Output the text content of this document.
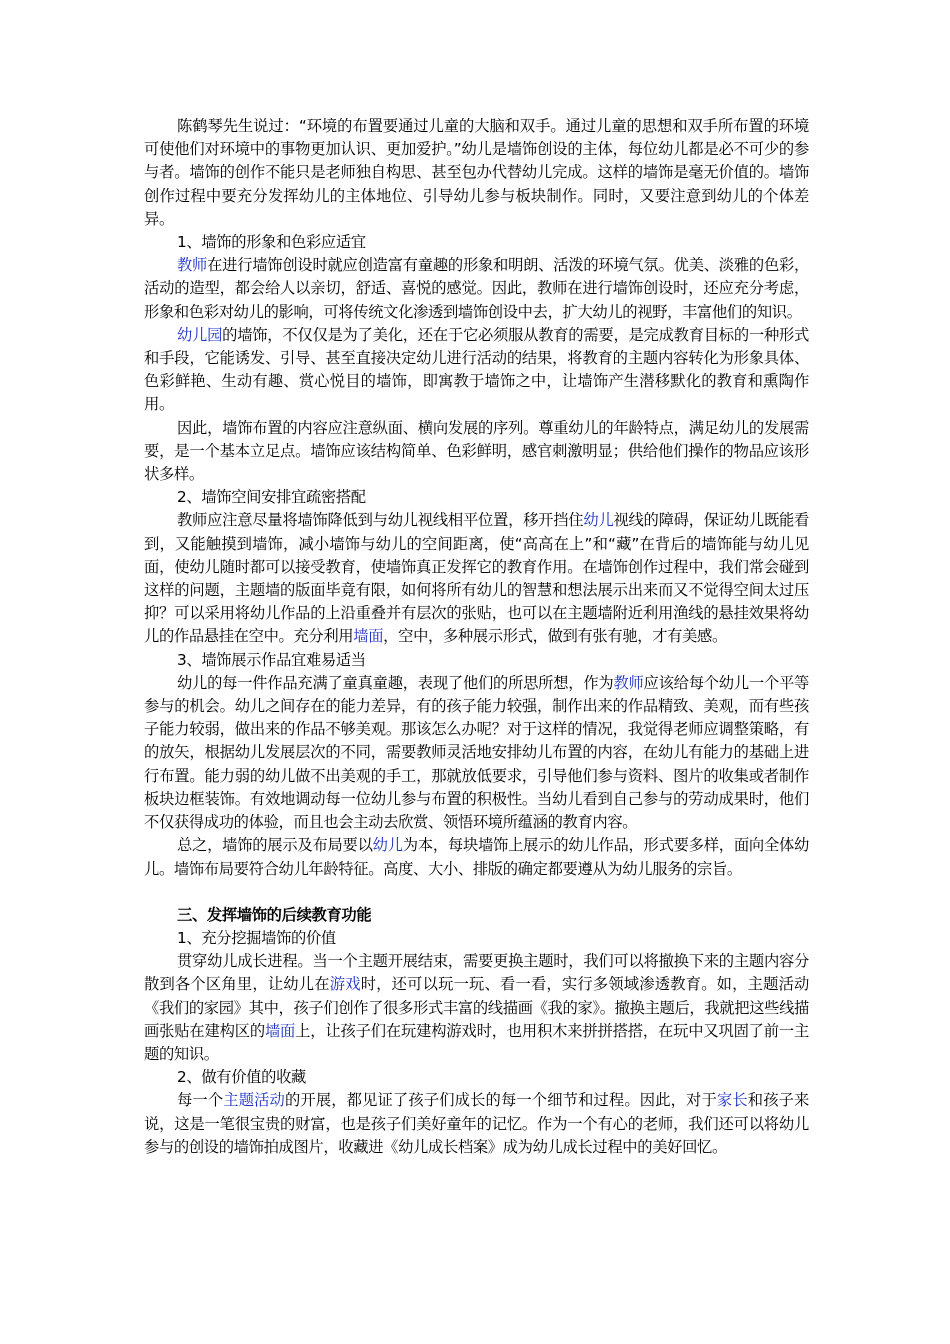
陈鹤琴先生说过：“环境的布置要通过儿童的大脑和双手。通过儿童的思想和双手所布置的环境可使他们对环境中的事物更加认识、更加爱护。”幼儿是墙饰创设的主体，每位幼儿都是必不可少的参与者。墙饰的创作不能只是老师独自构思、甚至包办代替幼儿完成。这样的墙饰是毫无价值的。墙饰创作过程中要充分发挥幼儿的主体地位、引导幼儿参与板块制作。同时，又要注意到幼儿的个体差异。

1、墙饰的形象和色彩应适宜

教师在进行墙饰创设时就应创造富有童趣的形象和明朗、活泼的环境气氛。优美、淡雅的色彩，活动的造型，都会给人以亲切，舒适、喜悦的感觉。因此，教师在进行墙饰创设时，还应充分考虑，形象和色彩对幼儿的影响，可将传统文化渗透到墙饰创设中去，扩大幼儿的视野，丰富他们的知识。

幼儿园的墙饰，不仅仅是为了美化，还在于它必须服从教育的需要，是完成教育目标的一种形式和手段，它能诱发、引导、甚至直接决定幼儿进行活动的结果，将教育的主题内容转化为形象具体、色彩鲜艳、生动有趣、赏心悦目的墙饰，即寓教于墙饰之中，让墙饰产生潜移默化的教育和熏陶作用。

因此，墙饰布置的内容应注意纵面、横向发展的序列。尊重幼儿的年龄特点，满足幼儿的发展需要，是一个基本立足点。墙饰应该结构简单、色彩鲜明，感官刺激明显；供给他们操作的物品应该形状多样。

2、墙饰空间安排宜疏密搭配

教师应注意尽量将墙饰降低到与幼儿视线相平位置，移开挡住幼儿视线的障碍，保证幼儿既能看到，又能触摸到墙饰，减小墙饰与幼儿的空间距离，使“高高在上”和“藏”在背后的墙饰能与幼儿见面，使幼儿随时都可以接受教育，使墙饰真正发挥它的教育作用。在墙饰创作过程中，我们常会碰到这样的问题，主题墙的版面毕竟有限，如何将所有幼儿的智慧和想法展示出来而又不觉得空间太过压抑？可以采用将幼儿作品的上沿重叠并有层次的张贴，也可以在主题墙附近利用渔线的悬挂效果将幼儿的作品悬挂在空中。充分利用墙面，空中，多种展示形式，做到有张有驰，才有美感。

3、墙饰展示作品宜难易适当

幼儿的每一件作品充满了童真童趣，表现了他们的所思所想，作为教师应该给每个幼儿一个平等参与的机会。幼儿之间存在的能力差异，有的孩子能力较强，制作出来的作品精致、美观，而有些孩子能力较弱，做出来的作品不够美观。那该怎么办呢？对于这样的情况，我觉得老师应调整策略，有的放矢，根据幼儿发展层次的不同，需要教师灵活地安排幼儿布置的内容，在幼儿有能力的基础上进行布置。能力弱的幼儿做不出美观的手工，那就放低要求，引导他们参与资料、图片的收集或者制作板块边框装饰。有效地调动每一位幼儿参与布置的积极性。当幼儿看到自己参与的劳动成果时，他们不仅获得成功的体验，而且也会主动去欣赏、领悟环境所蕴涵的教育内容。

总之，墙饰的展示及布局要以幼儿为本，每块墙饰上展示的幼儿作品，形式要多样，面向全体幼儿。墙饰布局要符合幼儿年龄特征。高度、大小、排版的确定都要遵从为幼儿服务的宗旨。

三、发挥墙饰的后续教育功能

1、充分挖掘墙饰的价值

贯穿幼儿成长进程。当一个主题开展结束，需要更换主题时，我们可以将撤换下来的主题内容分散到各个区角里，让幼儿在游戏时，还可以玩一玩、看一看，实行多领域渗透教育。如，主题活动《我们的家园》其中，孩子们创作了很多形式丰富的线描画《我的家》。撤换主题后，我就把这些线描画张贴在建构区的墙面上，让孩子们在玩建构游戏时，也用积木来拼拼搭搭，在玩中又巩固了前一主题的知识。

2、做有价值的收藏

每一个主题活动的开展，都见证了孩子们成长的每一个细节和过程。因此，对于家长和孩子来说，这是一笔很宝贵的财富，也是孩子们美好童年的记忆。作为一个有心的老师，我们还可以将幼儿参与的创设的墙饰拍成图片，收藏进《幼儿成长档案》成为幼儿成长过程中的美好回忆。
